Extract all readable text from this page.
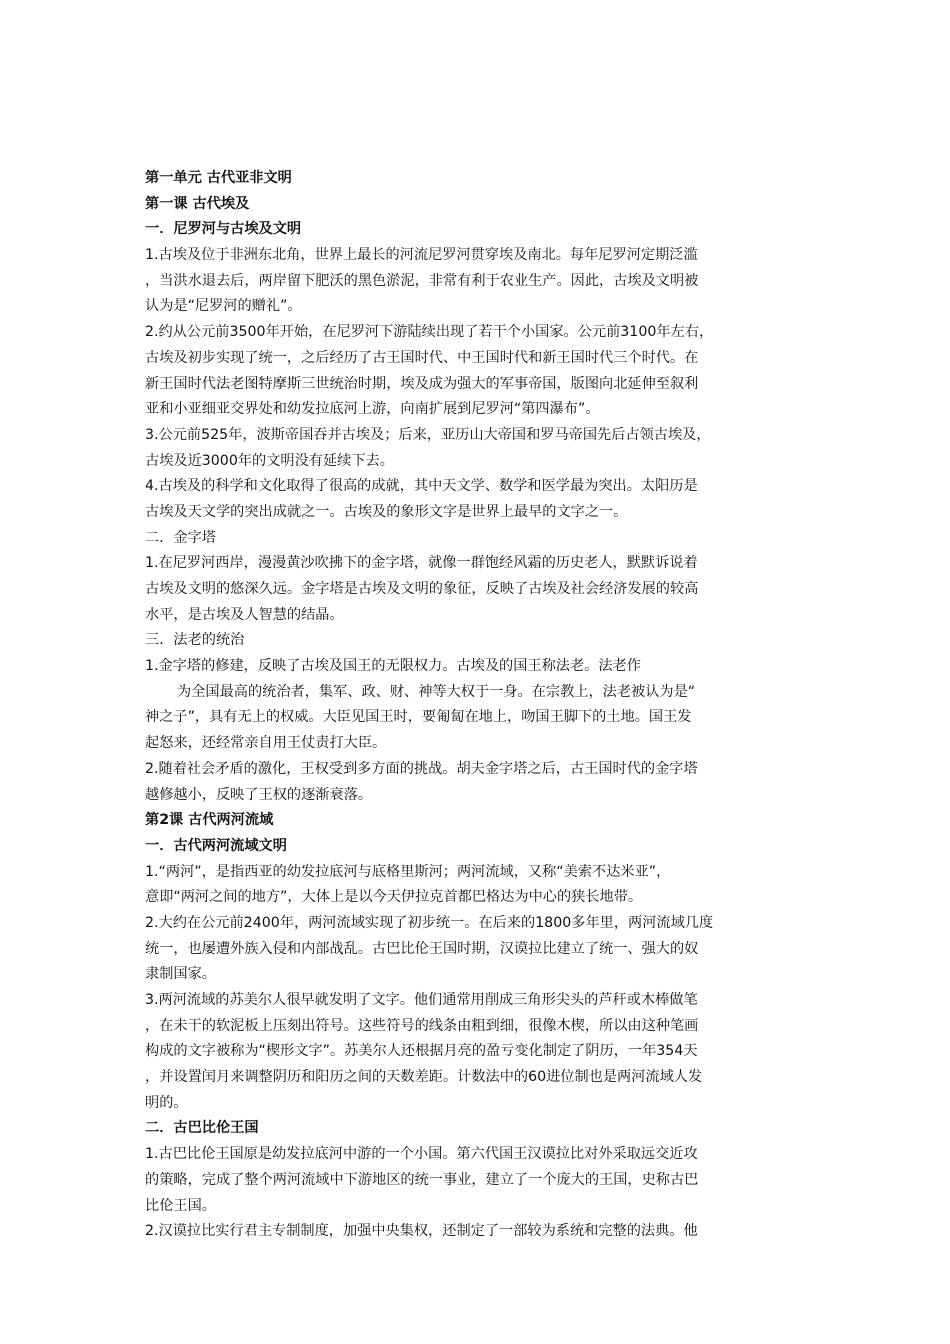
第一单元 古代亚非文明
第一课 古代埃及
一．尼罗河与古埃及文明
1.古埃及位于非洲东北角，世界上最长的河流尼罗河贯穿埃及南北。每年尼罗河定期泛滥
，当洪水退去后，两岸留下肥沃的黑色淤泥，非常有利于农业生产。因此，古埃及文明被
认为是“尼罗河的赠礼”。
2.约从公元前3500年开始，在尼罗河下游陆续出现了若干个小国家。公元前3100年左右，
古埃及初步实现了统一，之后经历了古王国时代、中王国时代和新王国时代三个时代。在
新王国时代法老图特摩斯三世统治时期，埃及成为强大的军事帝国，版图向北延伸至叙利
亚和小亚细亚交界处和幼发拉底河上游，向南扩展到尼罗河“第四瀑布”。
3.公元前525年，波斯帝国吞并古埃及；后来，亚历山大帝国和罗马帝国先后占领古埃及，
古埃及近3000年的文明没有延续下去。
4.古埃及的科学和文化取得了很高的成就，其中天文学、数学和医学最为突出。太阳历是
古埃及天文学的突出成就之一。古埃及的象形文字是世界上最早的文字之一。
二．金字塔
1.在尼罗河西岸，漫漫黄沙吹拂下的金字塔，就像一群饱经风霜的历史老人，默默诉说着
古埃及文明的悠深久远。金字塔是古埃及文明的象征，反映了古埃及社会经济发展的较高
水平，是古埃及人智慧的结晶。
三．法老的统治
1.金字塔的修建，反映了古埃及国王的无限权力。古埃及的国王称法老。法老作
为全国最高的统治者，集军、政、财、神等大权于一身。在宗教上，法老被认为是“
神之子”，具有无上的权威。大臣见国王时，要匍匐在地上，吻国王脚下的土地。国王发
起怒来，还经常亲自用王仗责打大臣。
2.随着社会矛盾的激化，王权受到多方面的挑战。胡夫金字塔之后，古王国时代的金字塔
越修越小，反映了王权的逐渐衰落。
第2课 古代两河流域
一．古代两河流域文明
1.“两河”，是指西亚的幼发拉底河与底格里斯河；两河流域，又称“美索不达米亚”，
意即“两河之间的地方”，大体上是以今天伊拉克首都巴格达为中心的狭长地带。
2.大约在公元前2400年，两河流域实现了初步统一。在后来的1800多年里，两河流域几度
统一，也屡遭外族入侵和内部战乱。古巴比伦王国时期，汉谟拉比建立了统一、强大的奴
隶制国家。
3.两河流域的苏美尔人很早就发明了文字。他们通常用削成三角形尖头的芦秆或木棒做笔
，在未干的软泥板上压刻出符号。这些符号的线条由粗到细，很像木楔，所以由这种笔画
构成的文字被称为“楔形文字”。苏美尔人还根据月亮的盈亏变化制定了阴历，一年354天
，并设置闰月来调整阴历和阳历之间的天数差距。计数法中的60进位制也是两河流域人发
明的。
二．古巴比伦王国
1.古巴比伦王国原是幼发拉底河中游的一个小国。第六代国王汉谟拉比对外采取远交近攻
的策略，完成了整个两河流域中下游地区的统一事业，建立了一个庞大的王国，史称古巴
比伦王国。
2.汉谟拉比实行君主专制制度，加强中央集权，还制定了一部较为系统和完整的法典。他
